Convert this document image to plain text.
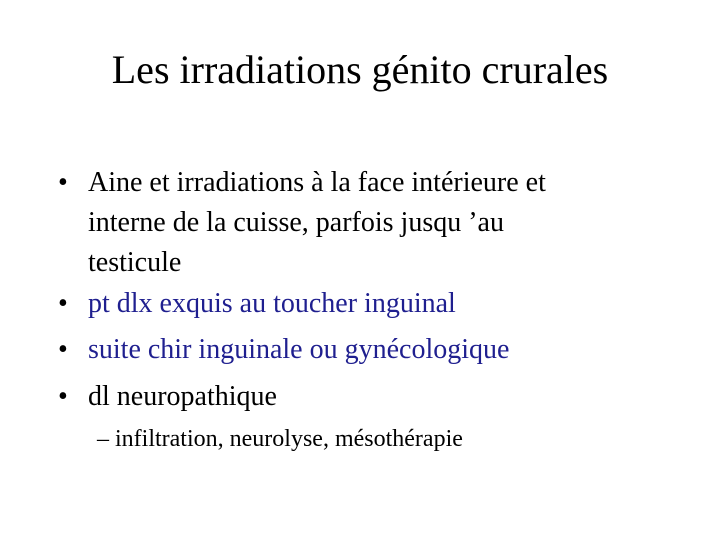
Les irradiations génito crurales
• Aine et irradiations à la face intérieure et
interne de la cuisse, parfois jusqu ’au
testicule
• pt dlx exquis au toucher inguinal
• suite chir inguinale ou gynécologique
• dl neuropathique
– infiltration, neurolyse, mésothérapie
